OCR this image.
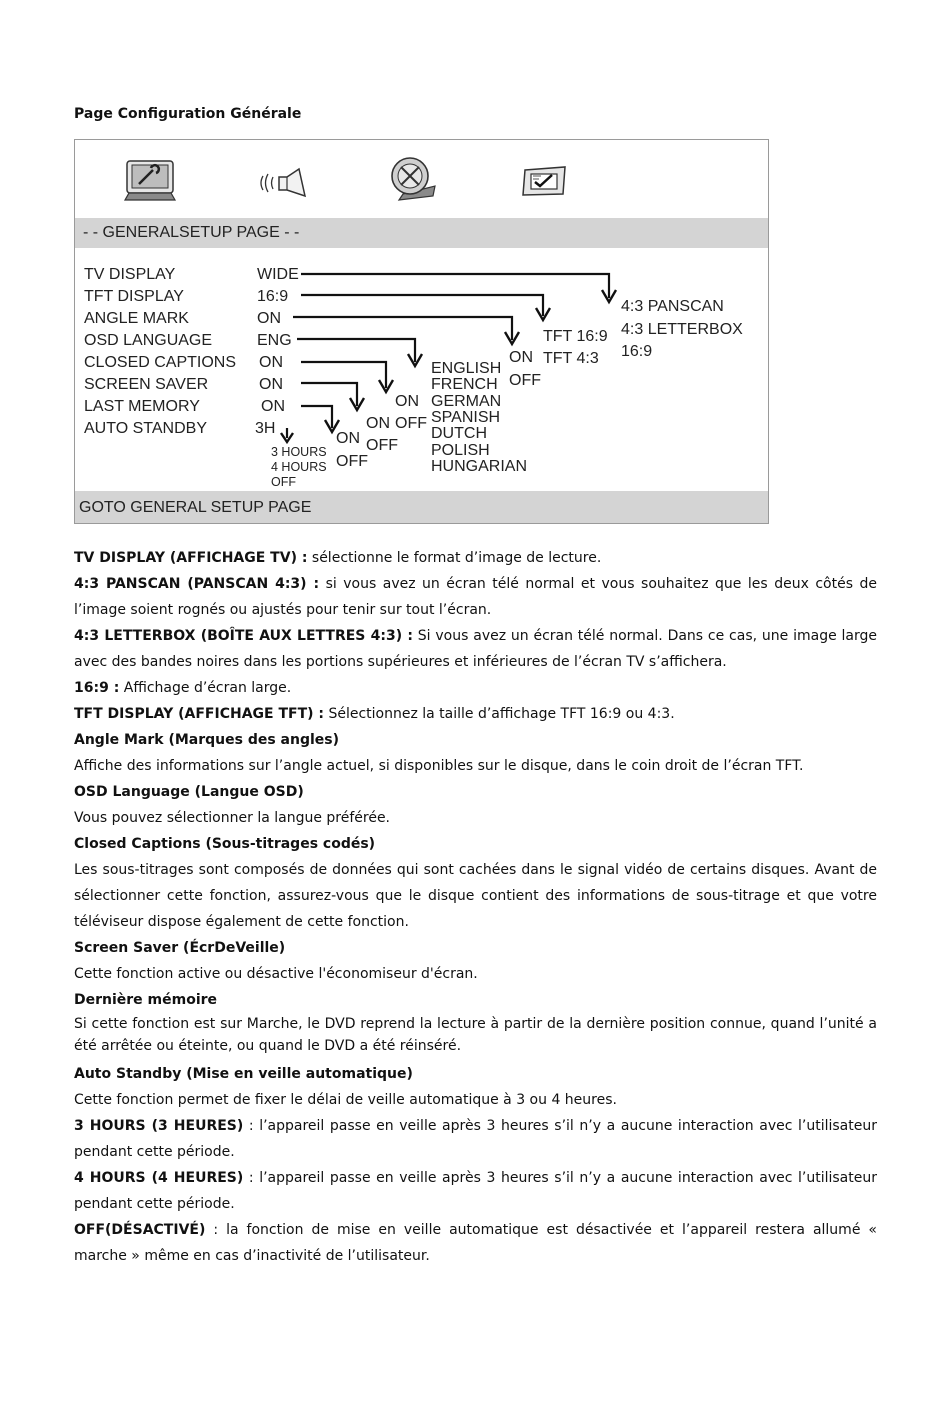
Page Configuration Générale
- - GENERALSETUP PAGE - -
TV DISPLAY	WIDE
TFT DISPLAY	16:9
ANGLE MARK	ON
OSD LANGUAGE	ENG
CLOSED CAPTIONS ON
SCREEN SAVER	ON
LAST MEMORY	ON
AUTO STANDBY	3H
4:3 PANSCAN
4:3 LETTERBOX
16:9
TFT 16:9
TFT 4:3
ON
OFF
ENGLISH
FRENCH
GERMAN
SPANISH
DUTCH
POLISH
HUNGARIAN
ON
OFF
ON
OFF
ON
OFF
3 HOURS
4 HOURS
OFF
GOTO GENERAL SETUP PAGE

TV DISPLAY (AFFICHAGE TV) : sélectionne le format d’image de lecture.

4:3 PANSCAN (PANSCAN 4:3) : si vous avez un écran télé normal et vous souhaitez que les deux côtés de l’image soient rognés ou ajustés pour tenir sur tout l’écran.

4:3 LETTERBOX (BOÎTE AUX LETTRES 4:3) : Si vous avez un écran télé normal. Dans ce cas, une image large avec des bandes noires dans les portions supérieures et inférieures de l’écran TV s’affichera.

16:9 : Affichage d’écran large.

TFT DISPLAY (AFFICHAGE TFT) : Sélectionnez la taille d’affichage TFT 16:9 ou 4:3.

Angle Mark (Marques des angles)

Affiche des informations sur l’angle actuel, si disponibles sur le disque, dans le coin droit de l’écran TFT.

OSD Language (Langue OSD)

Vous pouvez sélectionner la langue préférée.

Closed Captions (Sous-titrages codés)

Les sous-titrages sont composés de données qui sont cachées dans le signal vidéo de certains disques. Avant de sélectionner cette fonction, assurez-vous que le disque contient des informations de sous-titrage et que votre téléviseur dispose également de cette fonction.

Screen Saver (ÉcrDeVeille)

Cette fonction active ou désactive l'économiseur d'écran.

Dernière mémoire

Si cette fonction est sur Marche, le DVD reprend la lecture à partir de la dernière position connue, quand l’unité a été arrêtée ou éteinte, ou quand le DVD a été réinséré.

Auto Standby (Mise en veille automatique)

Cette fonction permet de fixer le délai de veille automatique à 3 ou 4 heures.

3 HOURS (3 HEURES) : l’appareil passe en veille après 3 heures s’il n’y a aucune interaction avec l’utilisateur pendant cette période.

4 HOURS (4 HEURES) : l’appareil passe en veille après 3 heures s’il n’y a aucune interaction avec l’utilisateur pendant cette période.

OFF(DÉSACTIVÉ) : la fonction de mise en veille automatique est désactivée et l’appareil restera allumé « marche » même en cas d’inactivité de l’utilisateur.
